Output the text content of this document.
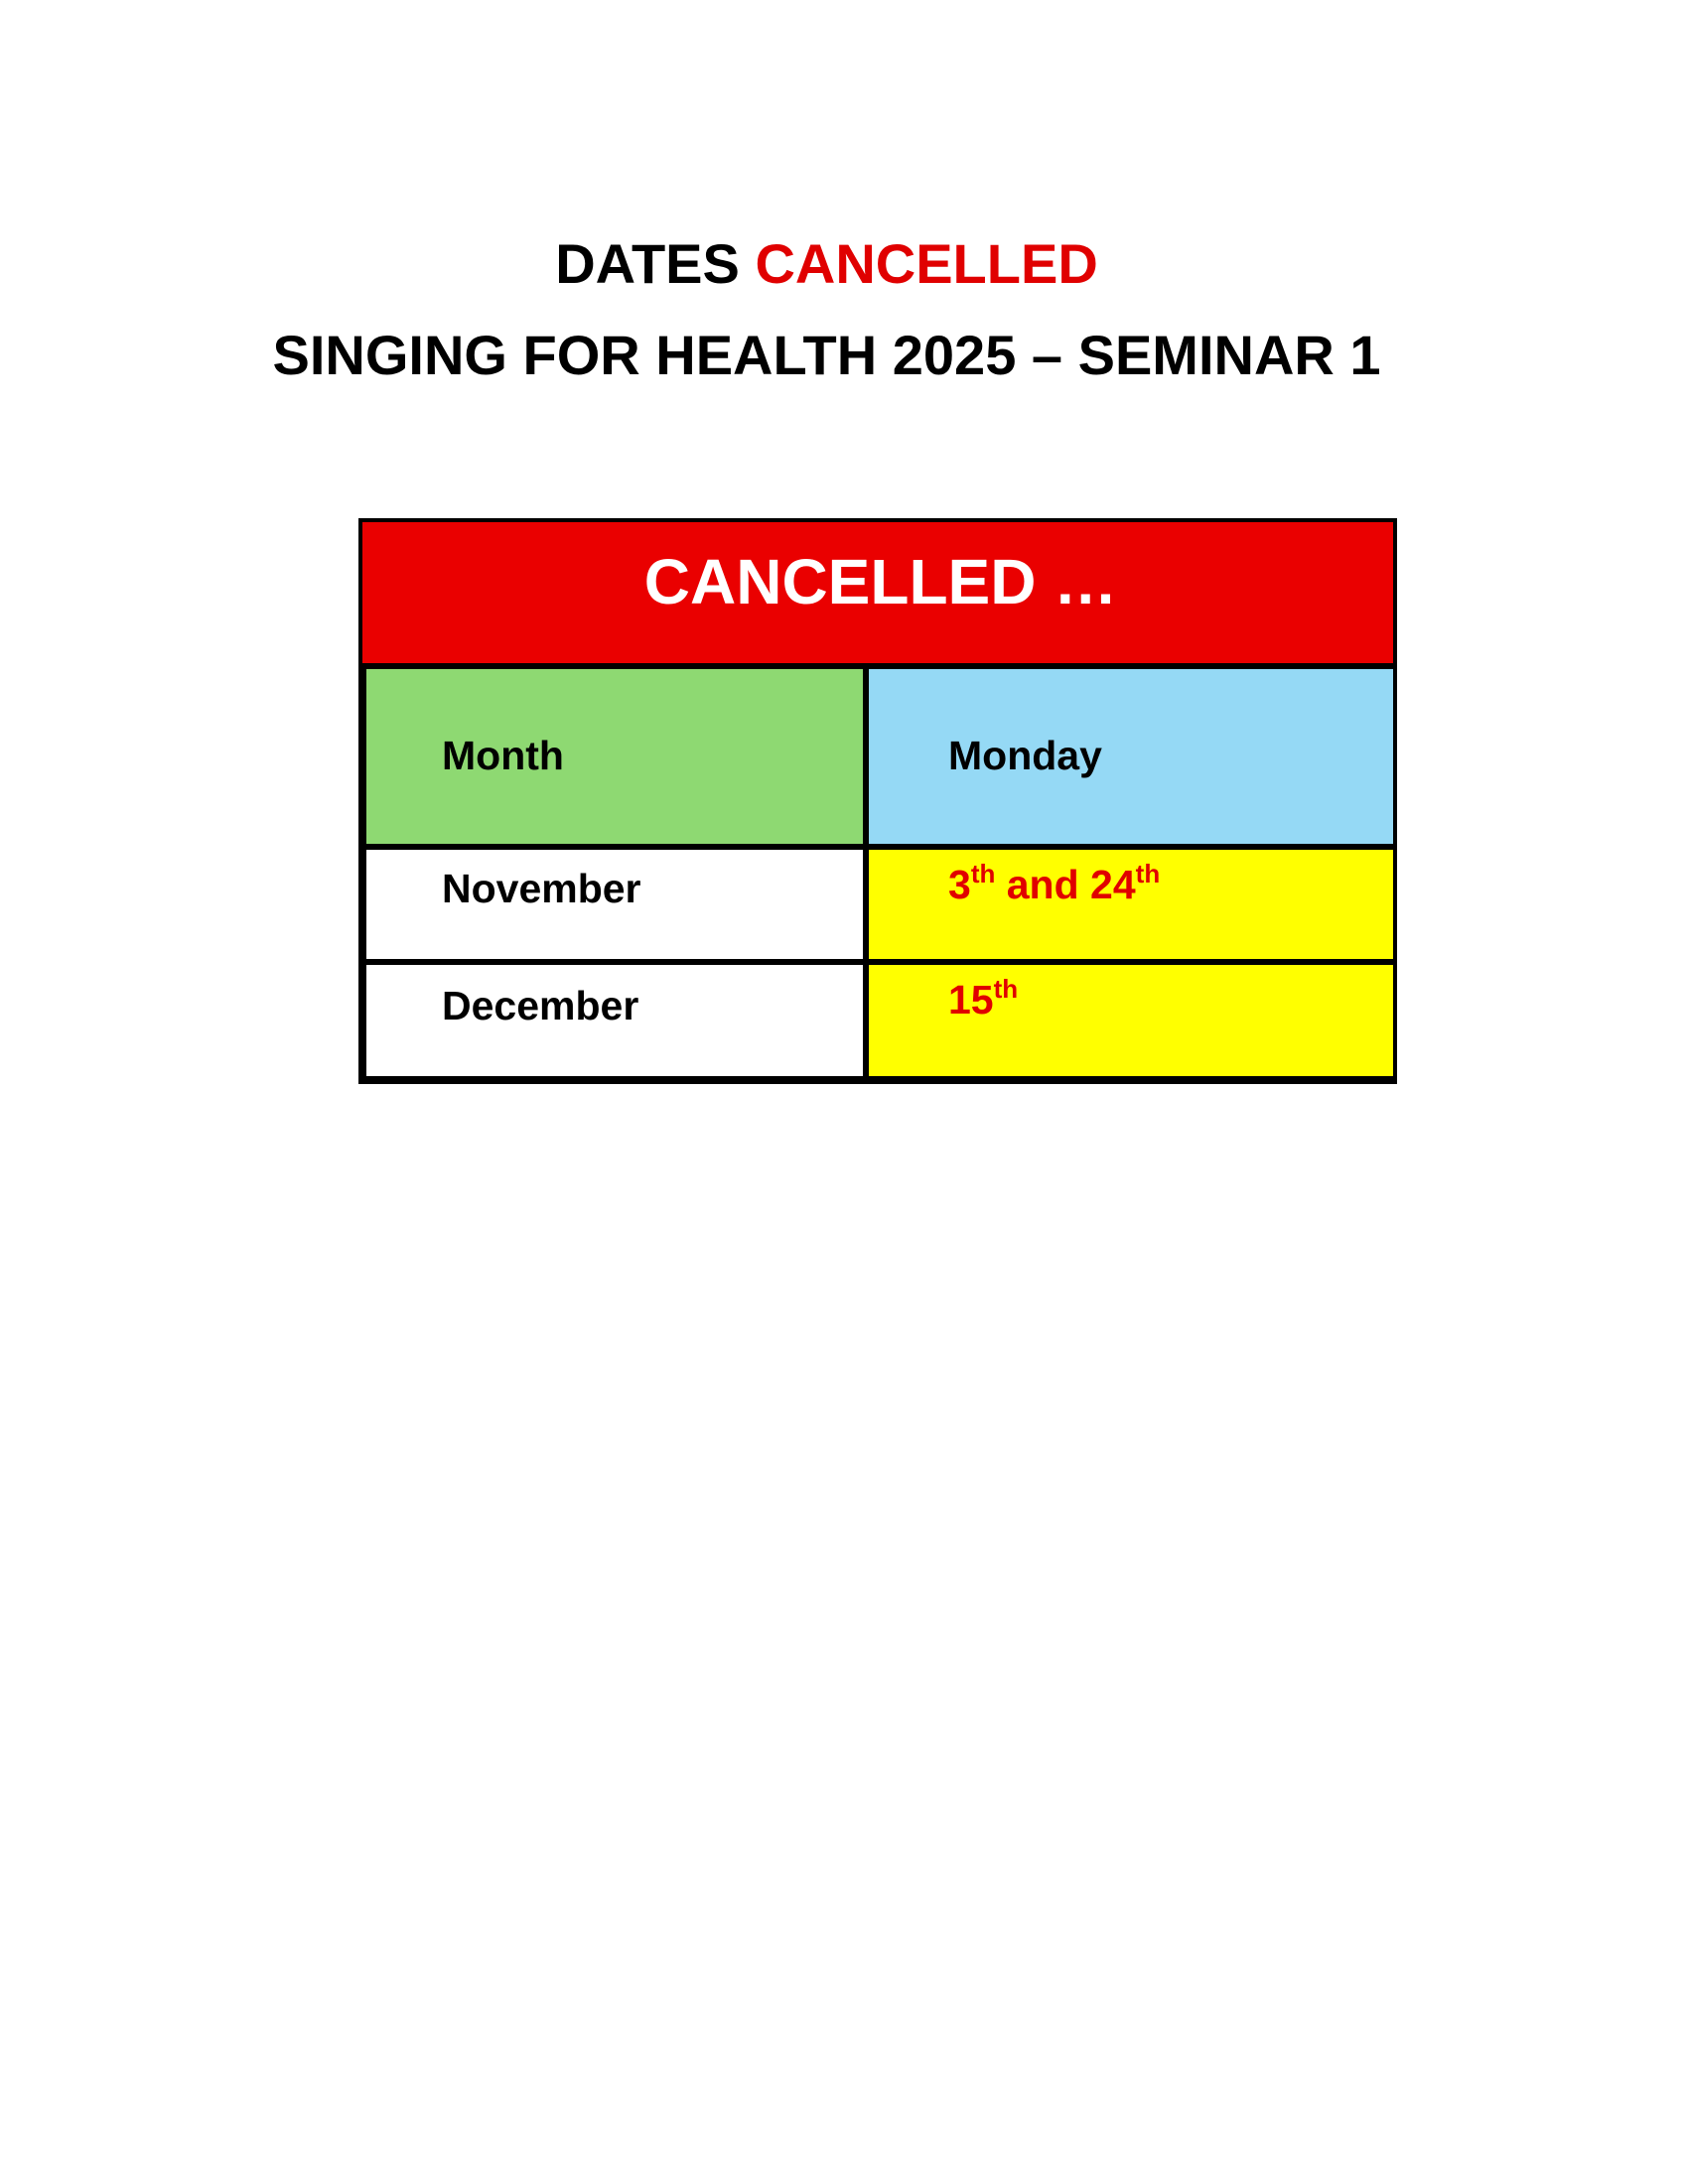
DATES CANCELLED
SINGING FOR HEALTH 2025 – SEMINAR 1
CANCELLED …
Month	Monday
November	3th and 24th
December	15th
